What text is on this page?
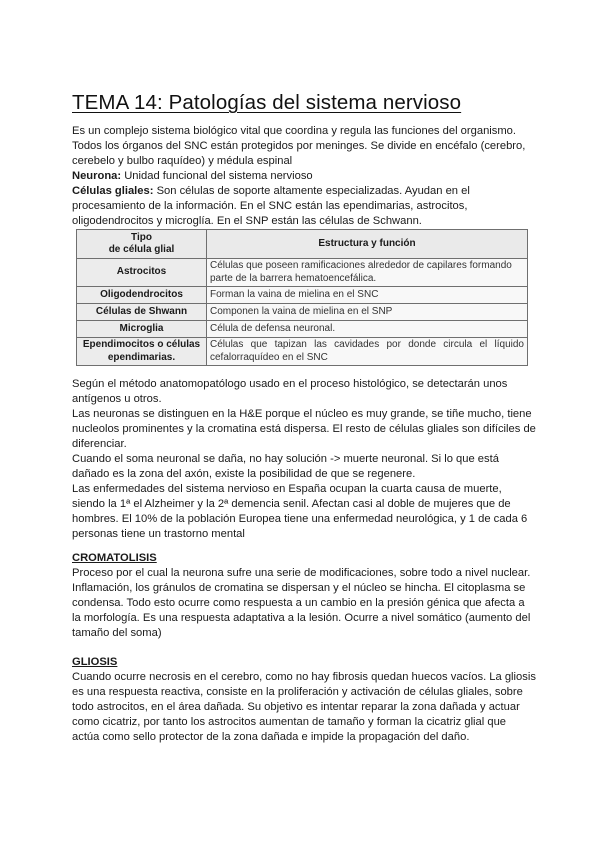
TEMA 14: Patologías del sistema nervioso

Es un complejo sistema biológico vital que coordina y regula las funciones del organismo. Todos los órganos del SNC están protegidos por meninges. Se divide en encéfalo (cerebro, cerebelo y bulbo raquídeo) y médula espinal

Neurona: Unidad funcional del sistema nervioso

Células gliales: Son células de soporte altamente especializadas. Ayudan en el procesamiento de la información. En el SNC están las ependimarias, astrocitos, oligodendrocitos y microglía. En el SNP están las células de Schwann.

Tipo
de célula glial	Estructura y función
Astrocitos	Células que poseen ramificaciones alrededor de capilares formando parte de la barrera hematoencefálica.
Oligodendrocitos	Forman la vaina de mielina en el SNC
Células de Shwann	Componen la vaina de mielina en el SNP
Microglia	Célula de defensa neuronal.
Ependimocitos o células ependimarias.	Células que tapizan las cavidades por donde circula el líquido cefalorraquídeo en el SNC

Según el método anatomopatólogo usado en el proceso histológico, se detectarán unos antígenos u otros.

Las neuronas se distinguen en la H&E porque el núcleo es muy grande, se tiñe mucho, tiene nucleolos prominentes y la cromatina está dispersa. El resto de células gliales son difíciles de diferenciar.

Cuando el soma neuronal se daña, no hay solución -> muerte neuronal. Si lo que está dañado es la zona del axón, existe la posibilidad de que se regenere.

Las enfermedades del sistema nervioso en España ocupan la cuarta causa de muerte, siendo la 1ª el Alzheimer y la 2ª demencia senil. Afectan casi al doble de mujeres que de hombres. El 10% de la población Europea tiene una enfermedad neurológica, y 1 de cada 6 personas tiene un trastorno mental

CROMATOLISIS

Proceso por el cual la neurona sufre una serie de modificaciones, sobre todo a nivel nuclear. Inflamación, los gránulos de cromatina se dispersan y el núcleo se hincha. El citoplasma se condensa. Todo esto ocurre como respuesta a un cambio en la presión génica que afecta a la morfología. Es una respuesta adaptativa a la lesión. Ocurre a nivel somático (aumento del tamaño del soma)

GLIOSIS

Cuando ocurre necrosis en el cerebro, como no hay fibrosis quedan huecos vacíos. La gliosis es una respuesta reactiva, consiste en la proliferación y activación de células gliales, sobre todo astrocitos, en el área dañada. Su objetivo es intentar reparar la zona dañada y actuar como cicatriz, por tanto los astrocitos aumentan de tamaño y forman la cicatriz glial que actúa como sello protector de la zona dañada e impide la propagación del daño.
